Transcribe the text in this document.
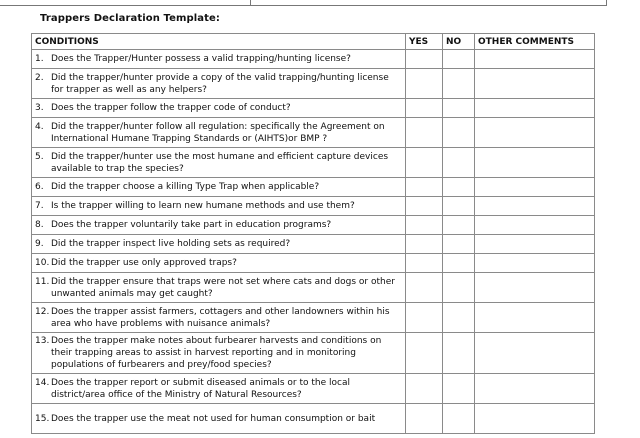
Trappers Declaration Template:
CONDITIONS	YES	NO	OTHER COMMENTS

1. Does the Trapper/Hunter possess a valid trapping/hunting license?			

2. Did the trapper/hunter provide a copy of the valid trapping/hunting license for trapper as well as any helpers?			

3. Does the trapper follow the trapper code of conduct?			

4. Did the trapper/hunter follow all regulation: specifically the Agreement on International Humane Trapping Standards or (AIHTS)or BMP ?			

5. Did the trapper/hunter use the most humane and efficient capture devices available to trap the species?			

6. Did the trapper choose a killing Type Trap when applicable?			

7. Is the trapper willing to learn new humane methods and use them?			

8. Does the trapper voluntarily take part in education programs?			

9. Did the trapper inspect live holding sets as required?			

10. Did the trapper use only approved traps?			

11. Did the trapper ensure that traps were not set where cats and dogs or other unwanted animals may get caught?			

12. Does the trapper assist farmers, cottagers and other landowners within his area who have problems with nuisance animals?			

13. Does the trapper make notes about furbearer harvests and conditions on their trapping areas to assist in harvest reporting and in monitoring populations of furbearers and prey/food species?			

14. Does the trapper report or submit diseased animals or to the local district/area office of the Ministry of Natural Resources?			

15. Does the trapper use the meat not used for human consumption or bait			
